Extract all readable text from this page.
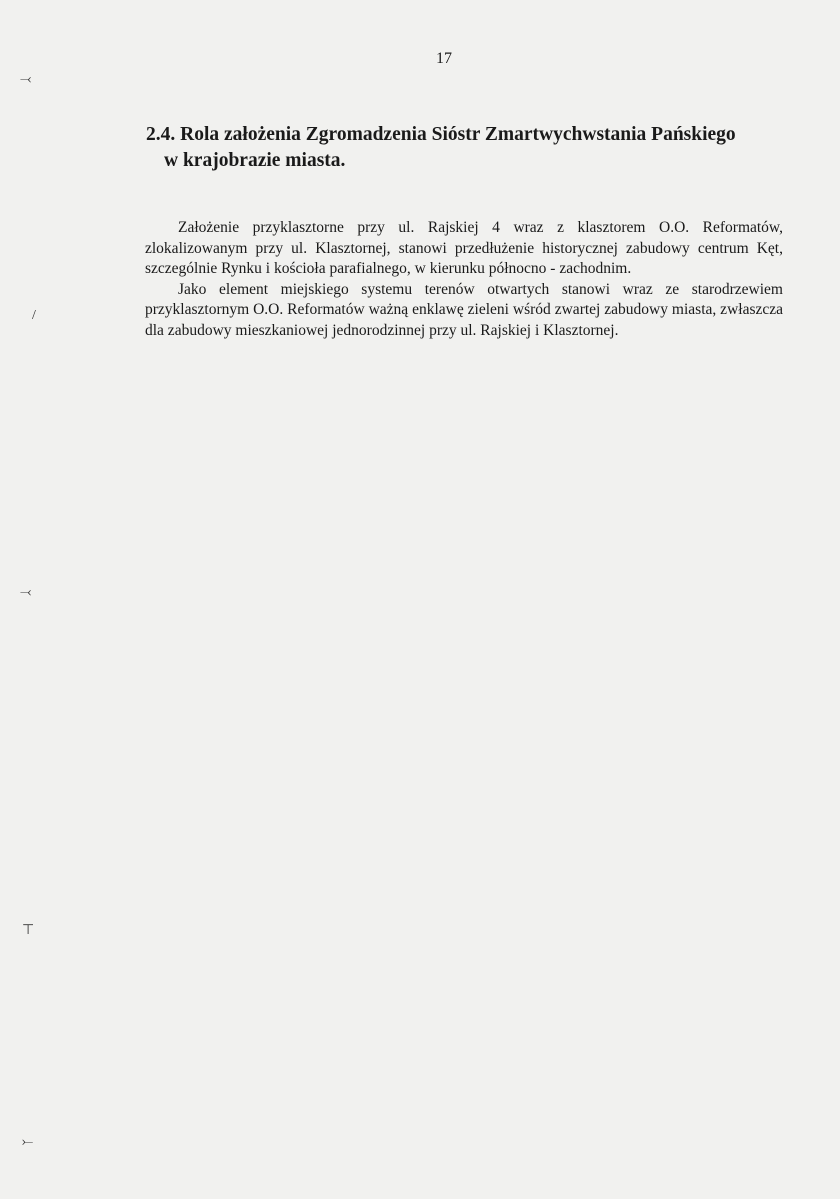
⤙
/
⤙
⊤
⤚
17
2.4. Rola założenia Zgromadzenia Sióstr Zmartwychwstania Pańskiego
w krajobrazie miasta.

Założenie przyklasztorne przy ul. Rajskiej 4 wraz z klasztorem O.O. Reformatów, zlokalizowanym przy ul. Klasztornej, stanowi przedłużenie historycznej zabudowy centrum Kęt, szczególnie Rynku i kościoła parafialnego, w kierunku północno - zachodnim.

Jako element miejskiego systemu terenów otwartych stanowi wraz ze starodrzewiem przyklasztornym O.O. Reformatów ważną enklawę zieleni wśród zwartej zabudowy miasta, zwłaszcza dla zabudowy mieszkaniowej jednorodzinnej przy ul. Rajskiej i Klasztornej.
